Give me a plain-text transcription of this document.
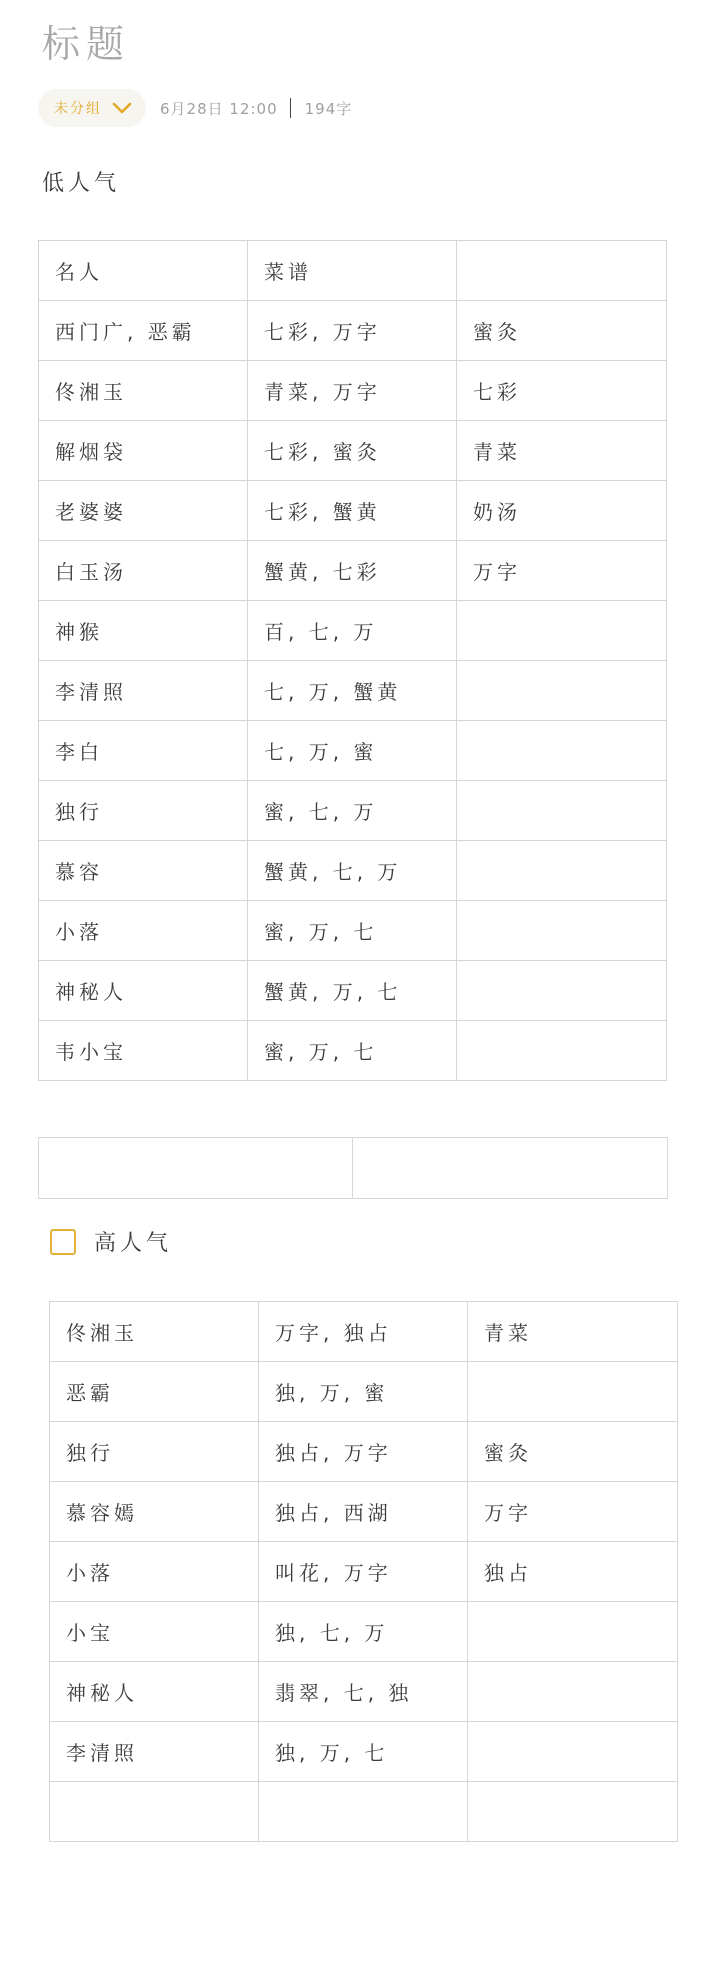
标题
未分组	6月28日 12:00 194字
低人气
名人	菜谱	
西门广, 恶霸	七彩, 万字	蜜灸
佟湘玉	青菜, 万字	七彩
解烟袋	七彩, 蜜灸	青菜
老婆婆	七彩, 蟹黄	奶汤
白玉汤	蟹黄, 七彩	万字
神猴	百, 七, 万	
李清照	七, 万, 蟹黄	
李白	七, 万, 蜜	
独行	蜜, 七, 万	
慕容	蟹黄, 七, 万	
小落	蜜, 万, 七	
神秘人	蟹黄, 万, 七	
韦小宝	蜜, 万, 七	

高人气
佟湘玉	万字, 独占	青菜
恶霸	独, 万, 蜜	
独行	独占, 万字	蜜灸
慕容嫣	独占, 西湖	万字
小落	叫花, 万字	独占
小宝	独, 七, 万	
神秘人	翡翠, 七, 独	
李清照	独, 万, 七	
